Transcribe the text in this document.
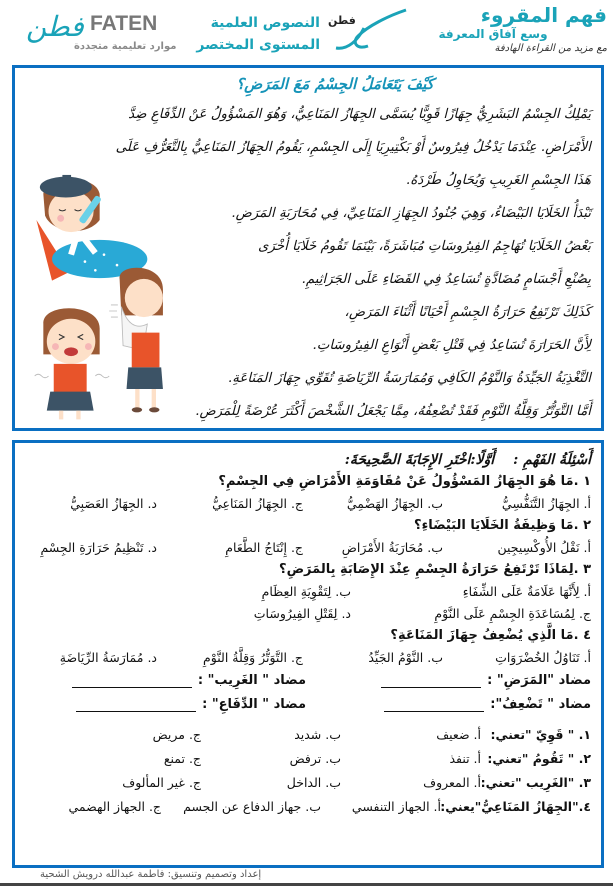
فهم المقروء
وسع آفاق المعرفة
مع مزيد من القراءة الهادفة
فطن
النصوص العلمية
المستوى المختصر
فطن FATEN
موارد تعليمية متجددة
كَيْفَ يَتَعَامَلُ الجِسْمُ مَعَ المَرَضِ؟
يَمْلِكُ الجِسْمُ البَشَرِيُّ جِهَازًا قَوِيًّا يُسَمَّى الجِهَازُ المَنَاعِيُّ، وَهُوَ المَسْؤُولُ عَنْ الدِّفَاعِ ضِدَّ
الأَمْرَاضِ. عِنْدَمَا يَدْخُلُ فِيرُوسٌ أَوْ بَكْتِيرِيَا إِلَى الجِسْمِ، يَقُومُ الجِهَازُ المَنَاعِيُّ بِالتَّعَرُّفِ عَلَى
هَذَا الجِسْمِ الغَرِيبِ وَيُحَاوِلُ طَرْدَهُ.
تَبْدَأُ الخَلَايَا البَيْضَاءُ، وَهِيَ جُنُودُ الجِهَازِ المَنَاعِيِّ، فِي مُحَارَبَةِ المَرَضِ.
بَعْضُ الخَلَايَا تُهَاجِمُ الفِيرُوسَاتِ مُبَاشَرَةً، بَيْنَمَا تَقُومُ خَلَايَا أُخْرَى
بِصُنْعِ أَجْسَامٍ مُضَادَّةٍ تُسَاعِدُ فِي القَضَاءِ عَلَى الجَرَاثِيمِ.
كَذَلِكَ تَرْتَفِعُ حَرَارَةُ الجِسْمِ أَحْيَانًا أَثْنَاءَ المَرَضِ،
لِأَنَّ الحَرَارَةَ تُسَاعِدُ فِي قَتْلِ بَعْضِ أَنْوَاعِ الفِيرُوسَاتِ.
التَّغْذِيَةُ الجَيِّدَةُ وَالنَّوْمُ الكَافِي وَمُمَارَسَةُ الرِّيَاضَةِ تُقَوِّي جِهَازَ المَنَاعَةِ.
أَمَّا التَّوَتُّرُ وَقِلَّةُ النَّوْمِ فَقَدْ تُضْعِفُهُ، مِمَّا يَجْعَلُ الشَّخْصَ أَكْثَرَ عُرْضَةً لِلْمَرَضِ.
أَسْئِلَةُ الفَهْمِ : أَوَّلًا:اخْتَرِ الإِجَابَةَ الصَّحِيحَةَ:
١ .مَا هُوَ الجِهَازُ المَسْؤُولُ عَنْ مُقَاوَمَةِ الأَمْرَاضِ فِي الجِسْمِ؟
أ. الجِهَازُ التَّنَفُّسِيُّ
ب. الجِهَازُ الهَضْمِيُّ
ج. الجِهَازُ المَنَاعِيُّ
د. الجِهَازُ العَصَبِيُّ
٢ .مَا وَظِيفَةُ الخَلَايَا البَيْضَاءِ؟
أ. نَقْلُ الأُوكْسِيجِين
ب. مُحَارَبَةُ الأَمْرَاضِ
ج. إِنْتَاجُ الطَّعَامِ
د. تَنْظِيمُ حَرَارَةِ الجِسْمِ
٣ .لِمَاذَا تَرْتَفِعُ حَرَارَةُ الجِسْمِ عِنْدَ الإِصَابَةِ بِالمَرَضِ؟
أ. لِأَنَّهَا عَلَامَةٌ عَلَى الشِّفَاءِ
ب. لِتَقْوِيَةِ العِظَامِ
ج. لِمُسَاعَدَةِ الجِسْمِ عَلَى النَّوْمِ
د. لِقَتْلِ الفِيرُوسَاتِ
٤ .مَا الَّذِي يُضْعِفُ جِهَازَ المَنَاعَةِ؟
أ. تَنَاوُلُ الخُضْرَوَاتِ
ب. النَّوْمُ الجَيِّدُ
ج. التَّوَتُّرُ وَقِلَّةُ النَّوْمِ
د. مُمَارَسَةُ الرِّيَاضَةِ
مضاد "المَرَضِ" :
مضاد " الغَرِيب" :
مضاد " تَضْعِفُ":
مضاد " الدِّفَاعِ" :
١. " قَوِيّ "تعني:
أ. ضعيف
ب. شديد
ج. مريض
٢. " تَقُومُ "تعني:
أ. تنفذ
ب. ترفض
ج. تمنع
٣. "الغَرِيب "تعني:
أ. المعروف
ب. الداخل
ج. غير المألوف
٤."الجِهَازُ المَنَاعِيُّ"يعني:
أ. الجهاز التنفسي
ب. جهاز الدفاع عن الجسم
ج. الجهاز الهضمي
إعداد وتصميم وتنسيق: فاطمة عبدالله درويش الشحية
